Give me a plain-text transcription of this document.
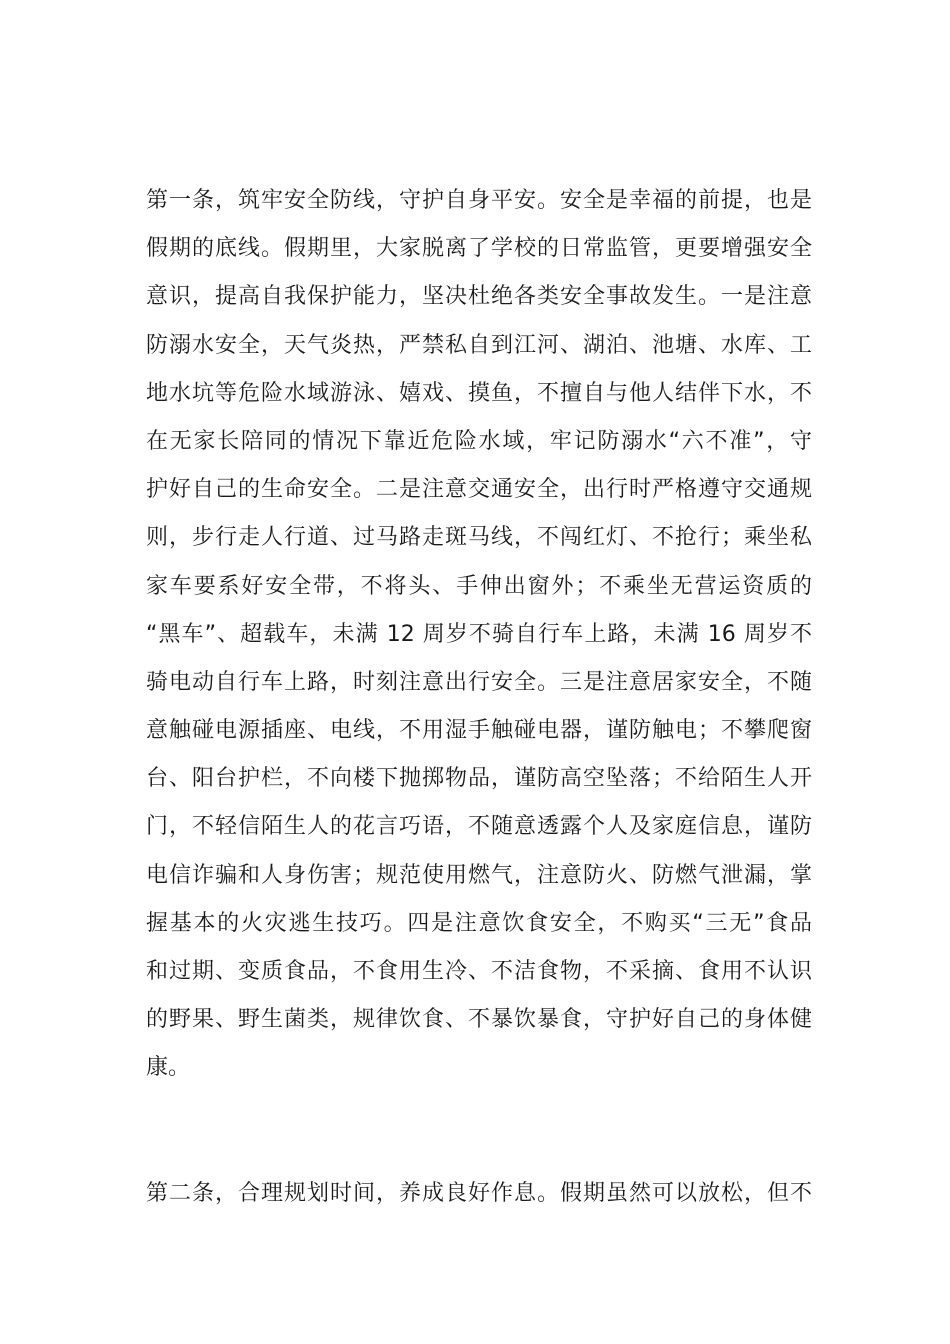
第一条，筑牢安全防线，守护自身平安。安全是幸福的前提，也是
假期的底线。假期里，大家脱离了学校的日常监管，更要增强安全
意识，提高自我保护能力，坚决杜绝各类安全事故发生。一是注意
防溺水安全，天气炎热，严禁私自到江河、湖泊、池塘、水库、工
地水坑等危险水域游泳、嬉戏、摸鱼，不擅自与他人结伴下水，不
在无家长陪同的情况下靠近危险水域，牢记防溺水“六不准”，守
护好自己的生命安全。二是注意交通安全，出行时严格遵守交通规
则，步行走人行道、过马路走斑马线，不闯红灯、不抢行；乘坐私
家车要系好安全带，不将头、手伸出窗外；不乘坐无营运资质的
“黑车”、超载车，未满 12 周岁不骑自行车上路，未满 16 周岁不
骑电动自行车上路，时刻注意出行安全。三是注意居家安全，不随
意触碰电源插座、电线，不用湿手触碰电器，谨防触电；不攀爬窗
台、阳台护栏，不向楼下抛掷物品，谨防高空坠落；不给陌生人开
门，不轻信陌生人的花言巧语，不随意透露个人及家庭信息，谨防
电信诈骗和人身伤害；规范使用燃气，注意防火、防燃气泄漏，掌
握基本的火灾逃生技巧。四是注意饮食安全，不购买“三无”食品
和过期、变质食品，不食用生冷、不洁食物，不采摘、食用不认识
的野果、野生菌类，规律饮食、不暴饮暴食，守护好自己的身体健
康。
第二条，合理规划时间，养成良好作息。假期虽然可以放松，但不
